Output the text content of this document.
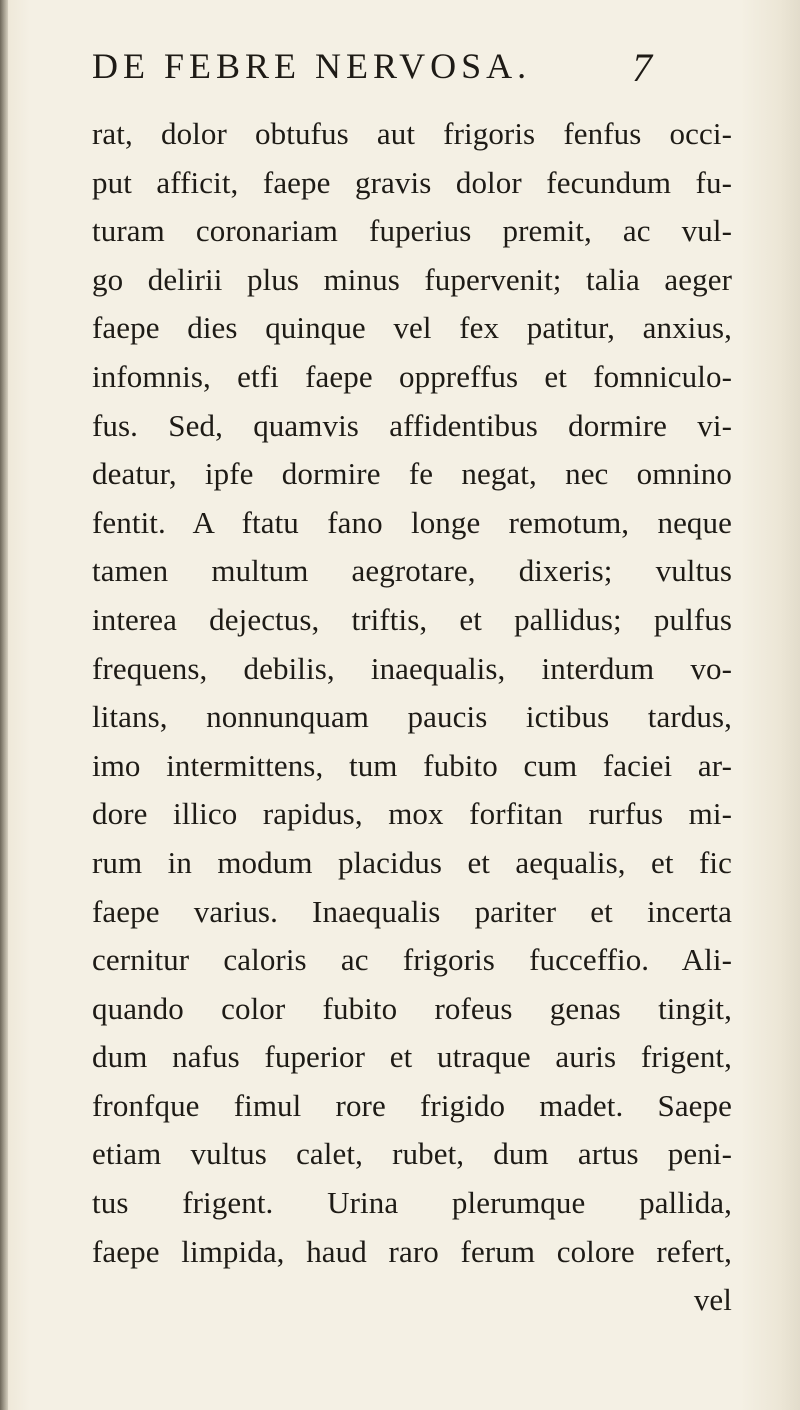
DE FEBRE NERVOSA.	7
rat, dolor obtufus aut frigoris fenfus occi-
put afficit, faepe gravis dolor fecundum fu-
turam coronariam fuperius premit, ac vul-
go delirii plus minus fupervenit; talia aeger
faepe dies quinque vel fex patitur, anxius,
infomnis, etfi faepe oppreffus et fomniculo-
fus. Sed, quamvis affidentibus dormire vi-
deatur, ipfe dormire fe negat, nec omnino
fentit. A ftatu fano longe remotum, neque
tamen multum aegrotare, dixeris; vultus
interea dejectus, triftis, et pallidus; pulfus
frequens, debilis, inaequalis, interdum vo-
litans, nonnunquam paucis ictibus tardus,
imo intermittens, tum fubito cum faciei ar-
dore illico rapidus, mox forfitan rurfus mi-
rum in modum placidus et aequalis, et fic
faepe varius. Inaequalis pariter et incerta
cernitur caloris ac frigoris fucceffio. Ali-
quando color fubito rofeus genas tingit,
dum nafus fuperior et utraque auris frigent,
fronfque fimul rore frigido madet. Saepe
etiam vultus calet, rubet, dum artus peni-
tus frigent. Urina plerumque pallida,
faepe limpida, haud raro ferum colore refert,
vel
